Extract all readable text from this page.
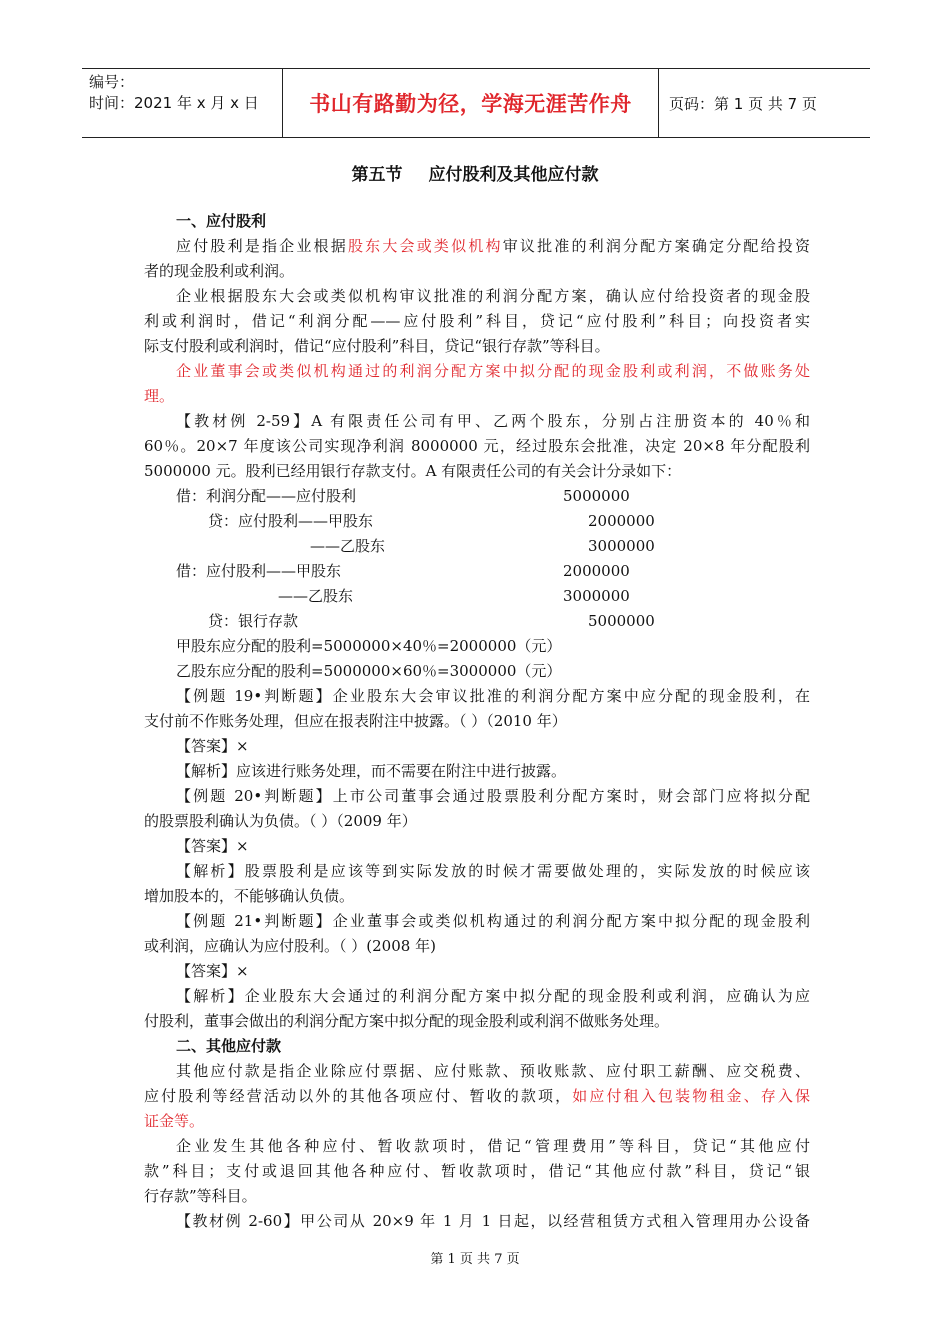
编号：
时间：2021 年 x 月 x 日	书山有路勤为径，学海无涯苦作舟 页码：第 1 页 共 7 页
第五节 应付股利及其他应付款
一、应付股利
应付股利是指企业根据股东大会或类似机构审议批准的利润分配方案确定分配给投资
者的现金股利或利润。
企业根据股东大会或类似机构审议批准的利润分配方案，确认应付给投资者的现金股
利或利润时，借记“利润分配——应付股利”科目，贷记“应付股利”科目；向投资者实
际支付股利或利润时，借记“应付股利”科目，贷记“银行存款”等科目。
企业董事会或类似机构通过的利润分配方案中拟分配的现金股利或利润，不做账务处
理。
【教材例 2-59】A 有限责任公司有甲、乙两个股东，分别占注册资本的 40％和
60％。20×7 年度该公司实现净利润 8000000 元，经过股东会批准，决定 20×8 年分配股利
5000000 元。股利已经用银行存款支付。A 有限责任公司的有关会计分录如下：
借：利润分配——应付股利	5000000
贷：应付股利——甲股东	2000000
——乙股东	3000000
借：应付股利——甲股东	2000000
——乙股东	3000000
贷：银行存款	5000000
甲股东应分配的股利=5000000×40％=2000000（元）
乙股东应分配的股利=5000000×60％=3000000（元）
【例题 19•判断题】企业股东大会审议批准的利润分配方案中应分配的现金股利，在
支付前不作账务处理，但应在报表附注中披露。（ ）（2010 年）
【答案】×
【解析】应该进行账务处理，而不需要在附注中进行披露。
【例题 20•判断题】上市公司董事会通过股票股利分配方案时，财会部门应将拟分配
的股票股利确认为负债。（ ）（2009 年）
【答案】×
【解析】股票股利是应该等到实际发放的时候才需要做处理的，实际发放的时候应该
增加股本的，不能够确认负债。
【例题 21•判断题】企业董事会或类似机构通过的利润分配方案中拟分配的现金股利
或利润，应确认为应付股利。（ ）(2008 年)
【答案】×
【解析】企业股东大会通过的利润分配方案中拟分配的现金股利或利润，应确认为应
付股利，董事会做出的利润分配方案中拟分配的现金股利或利润不做账务处理。
二、其他应付款
其他应付款是指企业除应付票据、应付账款、预收账款、应付职工薪酬、应交税费、
应付股利等经营活动以外的其他各项应付、暂收的款项，如应付租入包装物租金、存入保
证金等。
企业发生其他各种应付、暂收款项时，借记“管理费用”等科目，贷记“其他应付
款”科目；支付或退回其他各种应付、暂收款项时，借记“其他应付款”科目，贷记“银
行存款”等科目。
【教材例 2-60】甲公司从 20×9 年 1 月 1 日起，以经营租赁方式租入管理用办公设备
第 1 页 共 7 页
